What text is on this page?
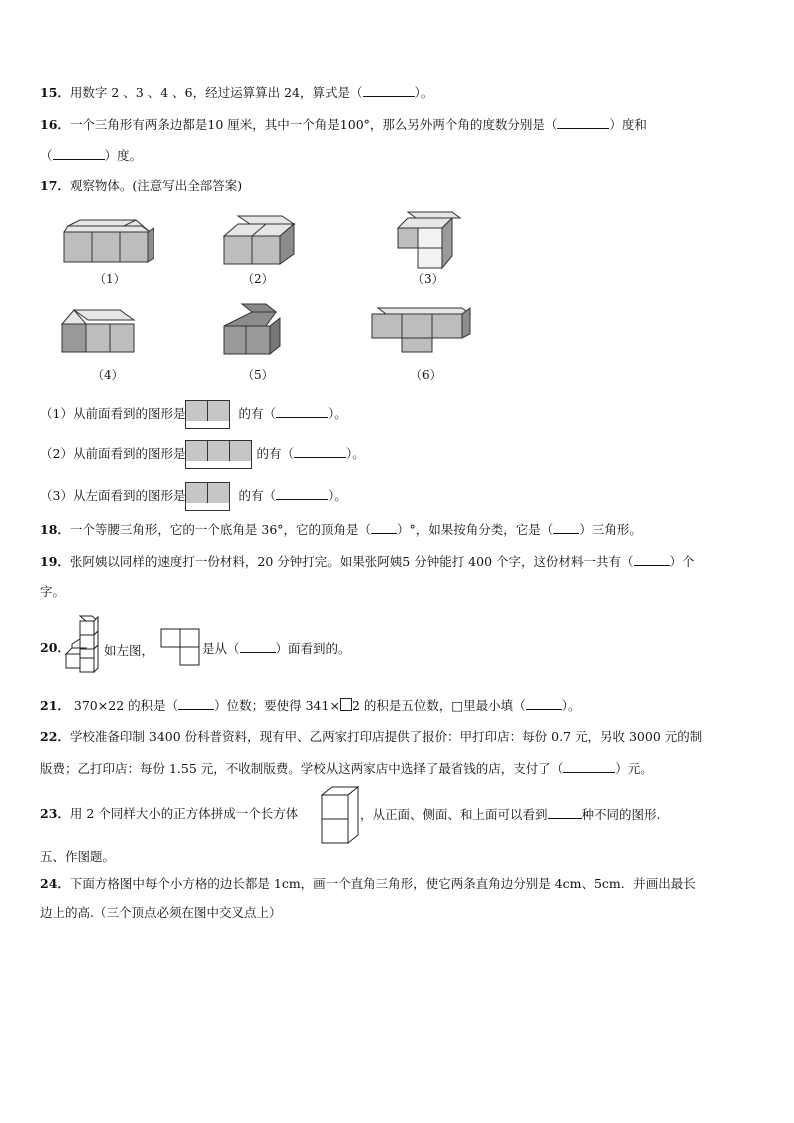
15．用数字 2 、3 、4 、6，经过运算算出 24，算式是（	）。
16．一个三角形有两条边都是10 厘米，其中一个角是100°，那么另外两个角的度数分别是（	）度和
（	）度。
17．观察物体。(注意写出全部答案)
（1）	（2）	（3）
（4）	（5）	（6）
（1）从前面看到的图形是	的有（	）。
（2）从前面看到的图形是	的有（	）。
（3）从左面看到的图形是	的有（	）。
18．一个等腰三角形，它的一个底角是 36°，它的顶角是（ ）°，如果按角分类，它是（ ）三角形。
19．张阿姨以同样的速度打一份材料，20 分钟打完。如果张阿姨5 分钟能打 400 个字，这份材料一共有（	）个
字。
如左图，
20．	是从（	）面看到的。
21． 370×22 的积是（	）位数；要使得 341× 2 的积是五位数，□里最小填（	）。
22．学校准备印制 3400 份科普资料，现有甲、乙两家打印店提供了报价：甲打印店：每份 0.7 元，另收 3000 元的制
版费；乙打印店：每份 1.55 元，不收制版费。学校从这两家店中选择了最省钱的店，支付了（	）元。
23．用 2 个同样大小的正方体拼成一个长方体	，从正面、侧面、和上面可以看到	种不同的图形.
五、作图题。
24．下面方格图中每个小方格的边长都是 1cm，画一个直角三角形，使它两条直角边分别是 4cm、5cm．并画出最长
边上的高.（三个顶点必须在图中交叉点上）
